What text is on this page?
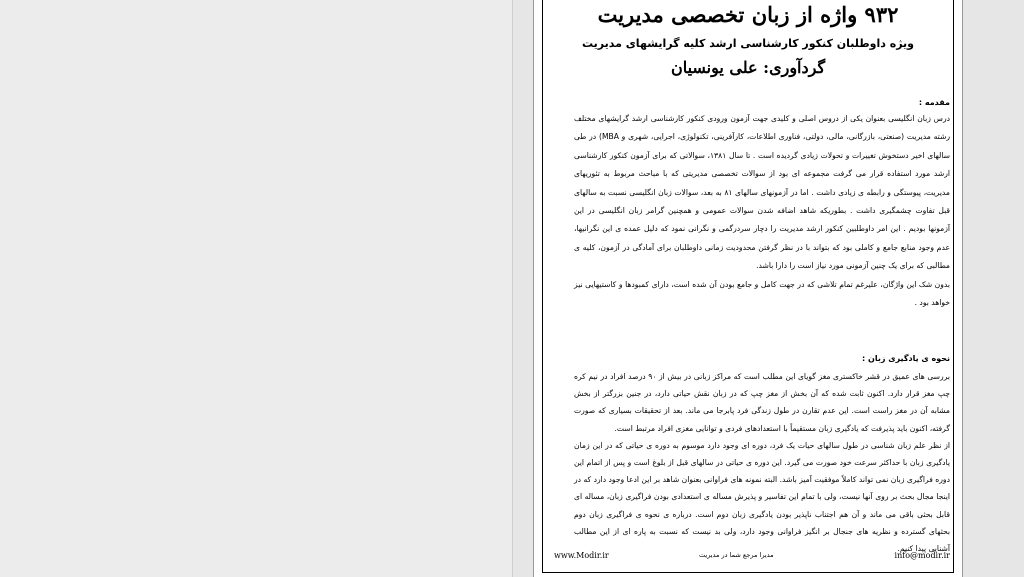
۹۳۲ واژه از زبان تخصصی مدیریت
ویژه داوطلبان کنکور کارشناسی ارشد کلیه گرایشهای مدیریت
گردآوری: علی یونسیان
مقدمه :
درس زبان انگلیسی بعنوان یکی از دروس اصلی و کلیدی جهت آزمون ورودی کنکور کارشناسی ارشد گرایشهای مختلف رشته مدیریت (صنعتی، بازرگانی، مالی، دولتی، فناوری اطلاعات، کارآفرینی، تکنولوژی، اجرایی، شهری و MBA) در طی سالهای اخیر دستخوش تغییرات و تحولات زیادی گردیده است . تا سال ۱۳۸۱، سوالاتی که برای آزمون کنکور کارشناسی ارشد مورد استفاده قرار می گرفت مجموعه ای بود از سوالات تخصصی مدیریتی که با مباحث مربوط به تئوریهای مدیریت، پیوستگی و رابطه ی زیادی داشت . اما در آزمونهای سالهای ۸۱ به بعد، سوالات زبان انگلیسی نسبت به سالهای قبل تفاوت چشمگیری داشت . بطوریکه شاهد اضافه شدن سوالات عمومی و همچنین گرامر زبان انگلیسی در این آزمونها بودیم . این امر داوطلبین کنکور ارشد مدیریت را دچار سردرگمی و نگرانی نمود که دلیل عمده ی این نگرانیها، عدم وجود منابع جامع و کاملی بود که بتواند با در نظر گرفتن محدودیت زمانی داوطلبان برای آمادگی در آزمون، کلیه ی مطالبی که برای یک چنین آزمونی مورد نیاز است را دارا باشد.
بدون شک این واژگان، علیرغم تمام تلاشی که در جهت کامل و جامع بودن آن شده است، دارای کمبودها و کاستیهایی نیز خواهد بود .
نحوه ی یادگیری زبان :
بررسی های عمیق در قشر خاکستری مغز گویای این مطلب است که مراکز زبانی در بیش از ۹۰ درصد افراد در نیم کره چپ مغز قرار دارد. اکنون ثابت شده که آن بخش از مغز چپ که در زبان نقش حیاتی دارد، در جنین بزرگتر از بخش مشابه آن در مغز راست است. این عدم تقارن در طول زندگی فرد پابرجا می ماند. بعد از تحقیقات بسیاری که صورت گرفته، اکنون باید پذیرفت که یادگیری زبان مستقیماً با استعدادهای فردی و توانایی مغزی افراد مرتبط است.
از نظر علم زبان شناسی در طول سالهای حیات یک فرد، دوره ای وجود دارد موسوم به دوره ی حیاتی که در این زمان یادگیری زبان با حداکثر سرعت خود صورت می گیرد. این دوره ی حیاتی در سالهای قبل از بلوغ است و پس از اتمام این دوره فراگیری زبان نمی تواند کاملاً موفقیت آمیز باشد. البته نمونه های فراوانی بعنوان شاهد بر این ادعا وجود دارد که در اینجا مجال بحث بر روی آنها نیست، ولی با تمام این تفاسیر و پذیرش مساله ی استعدادی بودن فراگیری زبان، مساله ای قابل بحثی باقی می ماند و آن هم اجتناب ناپذیر بودن یادگیری زبان دوم است. درباره ی نحوه ی فراگیری زبان دوم بحثهای گسترده و نظریه های جنجال بر انگیز فراوانی وجود دارد، ولی بد نیست که نسبت به پاره ای از این مطالب آشنایی پیدا کنیم.
www.Modir.ir	مدیرا مرجع شما در مدیریت	info@modir.ir
